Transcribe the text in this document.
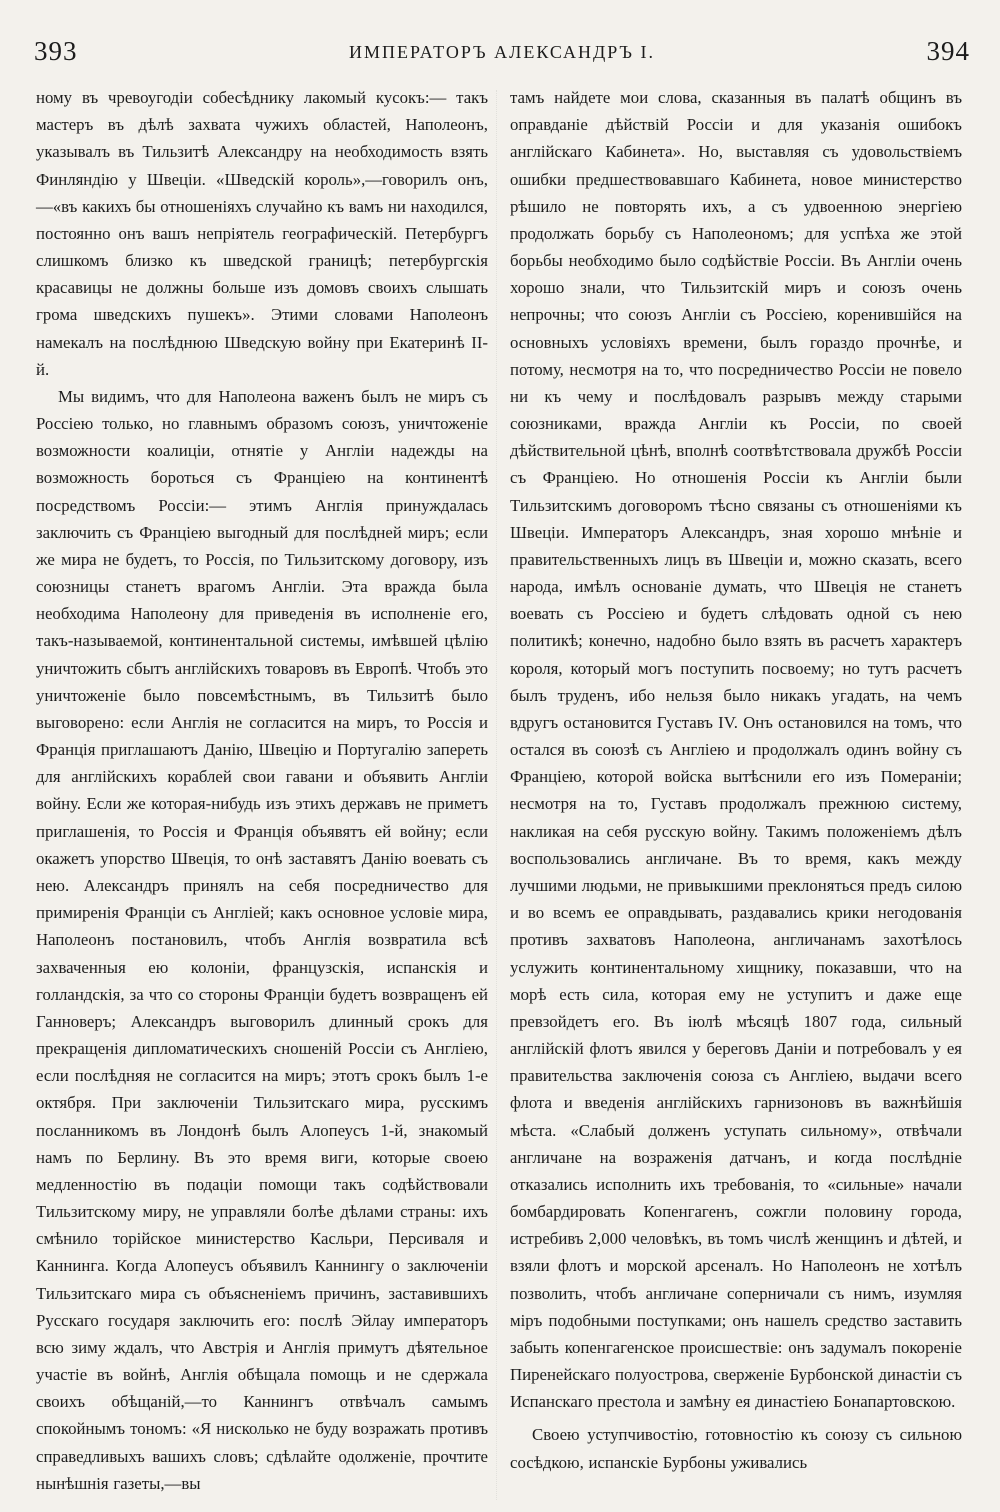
393	ИМПЕРАТОРЪ АЛЕКСАНДРЪ I.	394

ному въ чревоугодіи собесѣднику лакомый кусокъ:— такъ мастеръ въ дѣлѣ захвата чужихъ областей, Наполеонъ, указывалъ въ Тильзитѣ Александру на необходимость взять Финляндію у Швеціи. «Шведскій король»,—говорилъ онъ,—«въ какихъ бы отношеніяхъ случайно къ вамъ ни находился, постоянно онъ вашъ непріятель географическій. Петербургъ слишкомъ близко къ шведской границѣ; петербургскія красавицы не должны больше изъ домовъ своихъ слышать грома шведскихъ пушекъ». Этими словами Наполеонъ намекалъ на послѣднюю Шведскую войну при Екатеринѣ II-й.

Мы видимъ, что для Наполеона важенъ былъ не миръ съ Россіею только, но главнымъ образомъ союзъ, уничтоженіе возможности коалиціи, отнятіе у Англіи надежды на возможность бороться съ Франціею на континентѣ посредствомъ Россіи:— этимъ Англія принуждалась заключить съ Франціею выгодный для послѣдней миръ; если же мира не будетъ, то Россія, по Тильзитскому договору, изъ союзницы станетъ врагомъ Англіи. Эта вражда была необходима Наполеону для приведенія въ исполненіе его, такъ-называемой, континентальной системы, имѣвшей цѣлію уничтожить сбытъ англійскихъ товаровъ въ Европѣ. Чтобъ это уничтоженіе было повсемѣстнымъ, въ Тильзитѣ было выговорено: если Англія не согласится на миръ, то Россія и Франція приглашаютъ Данію, Швецію и Португалію запереть для англійскихъ кораблей свои гавани и объявить Англіи войну. Если же которая-нибудь изъ этихъ державъ не приметъ приглашенія, то Россія и Франція объявятъ ей войну; если окажетъ упорство Швеція, то онѣ заставятъ Данію воевать съ нею. Александръ принялъ на себя посредничество для примиренія Франціи съ Англіей; какъ основное условіе мира, Наполеонъ постановилъ, чтобъ Англія возвратила всѣ захваченныя ею колоніи, французскія, испанскія и голландскія, за что со стороны Франціи будетъ возвращенъ ей Ганноверъ; Александръ выговорилъ длинный срокъ для прекращенія дипломатическихъ сношеній Россіи съ Англіею, если послѣдняя не согласится на миръ; этотъ срокъ былъ 1-е октября. При заключеніи Тильзитскаго мира, русскимъ посланникомъ въ Лондонѣ былъ Алопеусъ 1-й, знакомый намъ по Берлину. Въ это время виги, которые своею медленностію въ подаціи помощи такъ содѣйствовали Тильзитскому миру, не управляли болѣе дѣлами страны: ихъ смѣнило торійское министерство Касльри, Персиваля и Каннинга. Когда Алопеусъ объявилъ Каннингу о заключеніи Тильзитскаго мира съ объясненіемъ причинъ, заставившихъ Русскаго государя заключить его: послѣ Эйлау императоръ всю зиму ждалъ, что Австрія и Англія примутъ дѣятельное участіе въ войнѣ, Англія обѣщала помощь и не сдержала своихъ обѣщаній,—то Каннингъ отвѣчалъ самымъ спокойнымъ тономъ: «Я нисколько не буду возражать противъ справедливыхъ вашихъ словъ; сдѣлайте одолженіе, прочтите нынѣшнія газеты,—вы

тамъ найдете мои слова, сказанныя въ палатѣ общинъ въ оправданіе дѣйствій Россіи и для указанія ошибокъ англійскаго Кабинета». Но, выставляя съ удовольствіемъ ошибки предшествовавшаго Кабинета, новое министерство рѣшило не повторять ихъ, а съ удвоенною энергіею продолжать борьбу съ Наполеономъ; для успѣха же этой борьбы необходимо было содѣйствіе Россіи. Въ Англіи очень хорошо знали, что Тильзитскій миръ и союзъ очень непрочны; что союзъ Англіи съ Россіею, коренившійся на основныхъ условіяхъ времени, былъ гораздо прочнѣе, и потому, несмотря на то, что посредничество Россіи не повело ни къ чему и послѣдовалъ разрывъ между старыми союзниками, вражда Англіи къ Россіи, по своей дѣйствительной цѣнѣ, вполнѣ соотвѣтствовала дружбѣ Россіи съ Франціею. Но отношенія Россіи къ Англіи были Тильзитскимъ договоромъ тѣсно связаны съ отношеніями къ Швеціи. Императоръ Александръ, зная хорошо мнѣніе и правительственныхъ лицъ въ Швеціи и, можно сказать, всего народа, имѣлъ основаніе думать, что Швеція не станетъ воевать съ Россіею и будетъ слѣдовать одной съ нею политикѣ; конечно, надобно было взять въ расчетъ характеръ короля, который могъ поступить посвоему; но тутъ расчетъ былъ труденъ, ибо нельзя было никакъ угадать, на чемъ вдругъ остановится Густавъ IV. Онъ остановился на томъ, что остался въ союзѣ съ Англіею и продолжалъ одинъ войну съ Франціею, которой войска вытѣснили его изъ Помераніи; несмотря на то, Густавъ продолжалъ прежнюю систему, накликая на себя русскую войну. Такимъ положеніемъ дѣлъ воспользовались англичане. Въ то время, какъ между лучшими людьми, не привыкшими преклоняться предъ силою и во всемъ ее оправдывать, раздавались крики негодованія противъ захватовъ Наполеона, англичанамъ захотѣлось услужить континентальному хищнику, показавши, что на морѣ есть сила, которая ему не уступитъ и даже еще превзойдетъ его. Въ іюлѣ мѣсяцѣ 1807 года, сильный англійскій флотъ явился у береговъ Даніи и потребовалъ у ея правительства заключенія союза съ Англіею, выдачи всего флота и введенія англійскихъ гарнизоновъ въ важнѣйшія мѣста. «Слабый долженъ уступать сильному», отвѣчали англичане на возраженія датчанъ, и когда послѣдніе отказались исполнить ихъ требованія, то «сильные» начали бомбардировать Копенгагенъ, сожгли половину города, истребивъ 2,000 человѣкъ, въ томъ числѣ женщинъ и дѣтей, и взяли флотъ и морской арсеналъ. Но Наполеонъ не хотѣлъ позволить, чтобъ англичане соперничали съ нимъ, изумляя міръ подобными поступками; онъ нашелъ средство заставить забыть копенгагенское происшествіе: онъ задумалъ покореніе Пиренейскаго полуострова, сверженіе Бурбонской династіи съ Испанскаго престола и замѣну ея династіею Бонапартовскою.

Своею уступчивостію, готовностію къ союзу съ сильною сосѣдкою, испанскіе Бурбоны уживались
